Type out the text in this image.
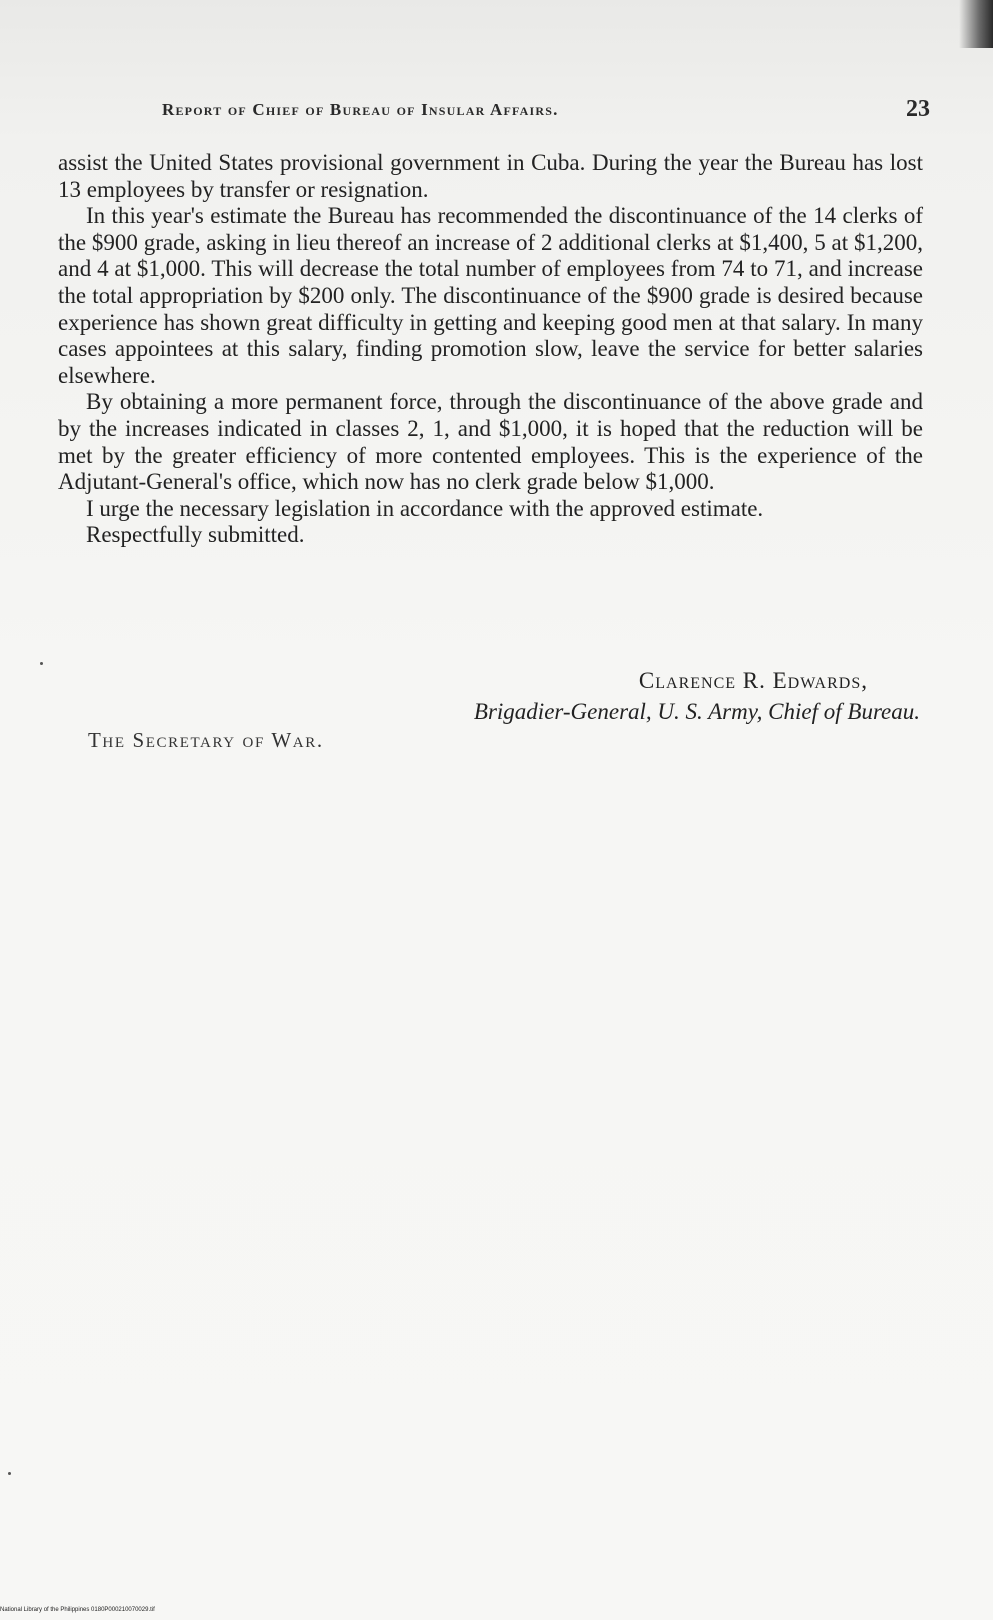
Report of Chief of Bureau of Insular Affairs.	23

assist the United States provisional government in Cuba. During the year the Bureau has lost 13 employees by transfer or resignation.

In this year's estimate the Bureau has recommended the discontinuance of the 14 clerks of the $900 grade, asking in lieu thereof an increase of 2 additional clerks at $1,400, 5 at $1,200, and 4 at $1,000. This will decrease the total number of employees from 74 to 71, and increase the total appropriation by $200 only. The discontinuance of the $900 grade is desired because experience has shown great difficulty in getting and keeping good men at that salary. In many cases appointees at this salary, finding promotion slow, leave the service for better salaries elsewhere.

By obtaining a more permanent force, through the discontinuance of the above grade and by the increases indicated in classes 2, 1, and $1,000, it is hoped that the reduction will be met by the greater efficiency of more contented employees. This is the experience of the Adjutant-General's office, which now has no clerk grade below $1,000.

I urge the necessary legislation in accordance with the approved estimate.

Respectfully submitted.

Clarence R. Edwards,
Brigadier-General, U. S. Army, Chief of Bureau.
The Secretary of War.
National Library of the Philippines 0180P000210070029.tif
